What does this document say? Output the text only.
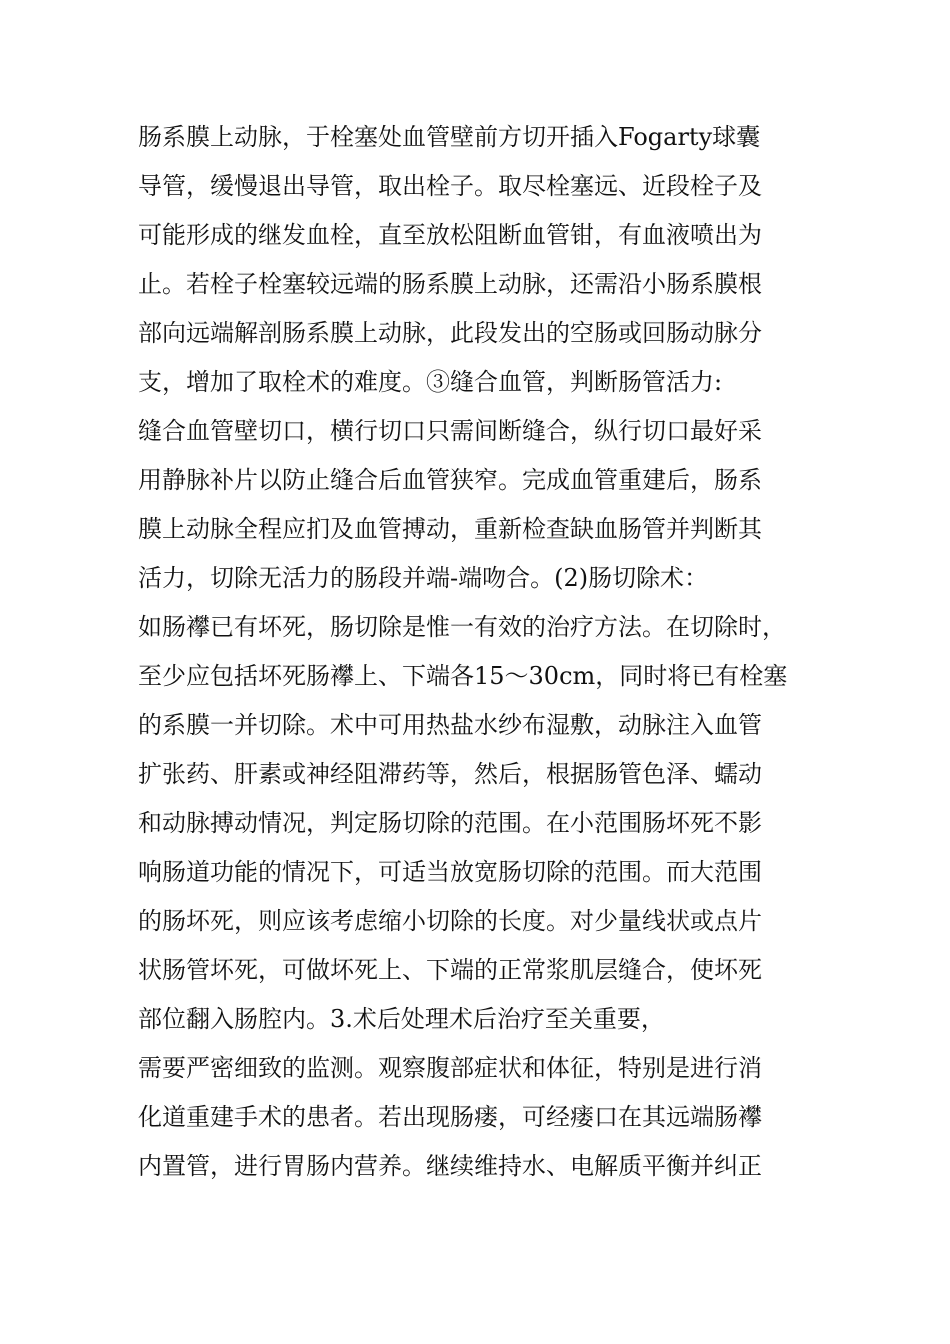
肠系膜上动脉，于栓塞处血管壁前方切开插入Fogarty球囊
导管，缓慢退出导管，取出栓子。取尽栓塞远、近段栓子及
可能形成的继发血栓，直至放松阻断血管钳，有血液喷出为
止。若栓子栓塞较远端的肠系膜上动脉，还需沿小肠系膜根
部向远端解剖肠系膜上动脉，此段发出的空肠或回肠动脉分
支，增加了取栓术的难度。③缝合血管，判断肠管活力:
缝合血管壁切口，横行切口只需间断缝合，纵行切口最好采
用静脉补片以防止缝合后血管狭窄。完成血管重建后，肠系
膜上动脉全程应扪及血管搏动，重新检查缺血肠管并判断其
活力，切除无活力的肠段并端-端吻合。(2)肠切除术：
如肠襻已有坏死，肠切除是惟一有效的治疗方法。在切除时，
至少应包括坏死肠襻上、下端各15～30cm，同时将已有栓塞
的系膜一并切除。术中可用热盐水纱布湿敷，动脉注入血管
扩张药、肝素或神经阻滞药等，然后，根据肠管色泽、蠕动
和动脉搏动情况，判定肠切除的范围。在小范围肠坏死不影
响肠道功能的情况下，可适当放宽肠切除的范围。而大范围
的肠坏死，则应该考虑缩小切除的长度。对少量线状或点片
状肠管坏死，可做坏死上、下端的正常浆肌层缝合，使坏死
部位翻入肠腔内。3.术后处理术后治疗至关重要，
需要严密细致的监测。观察腹部症状和体征，特别是进行消
化道重建手术的患者。若出现肠瘘，可经瘘口在其远端肠襻
内置管，进行胃肠内营养。继续维持水、电解质平衡并纠正
